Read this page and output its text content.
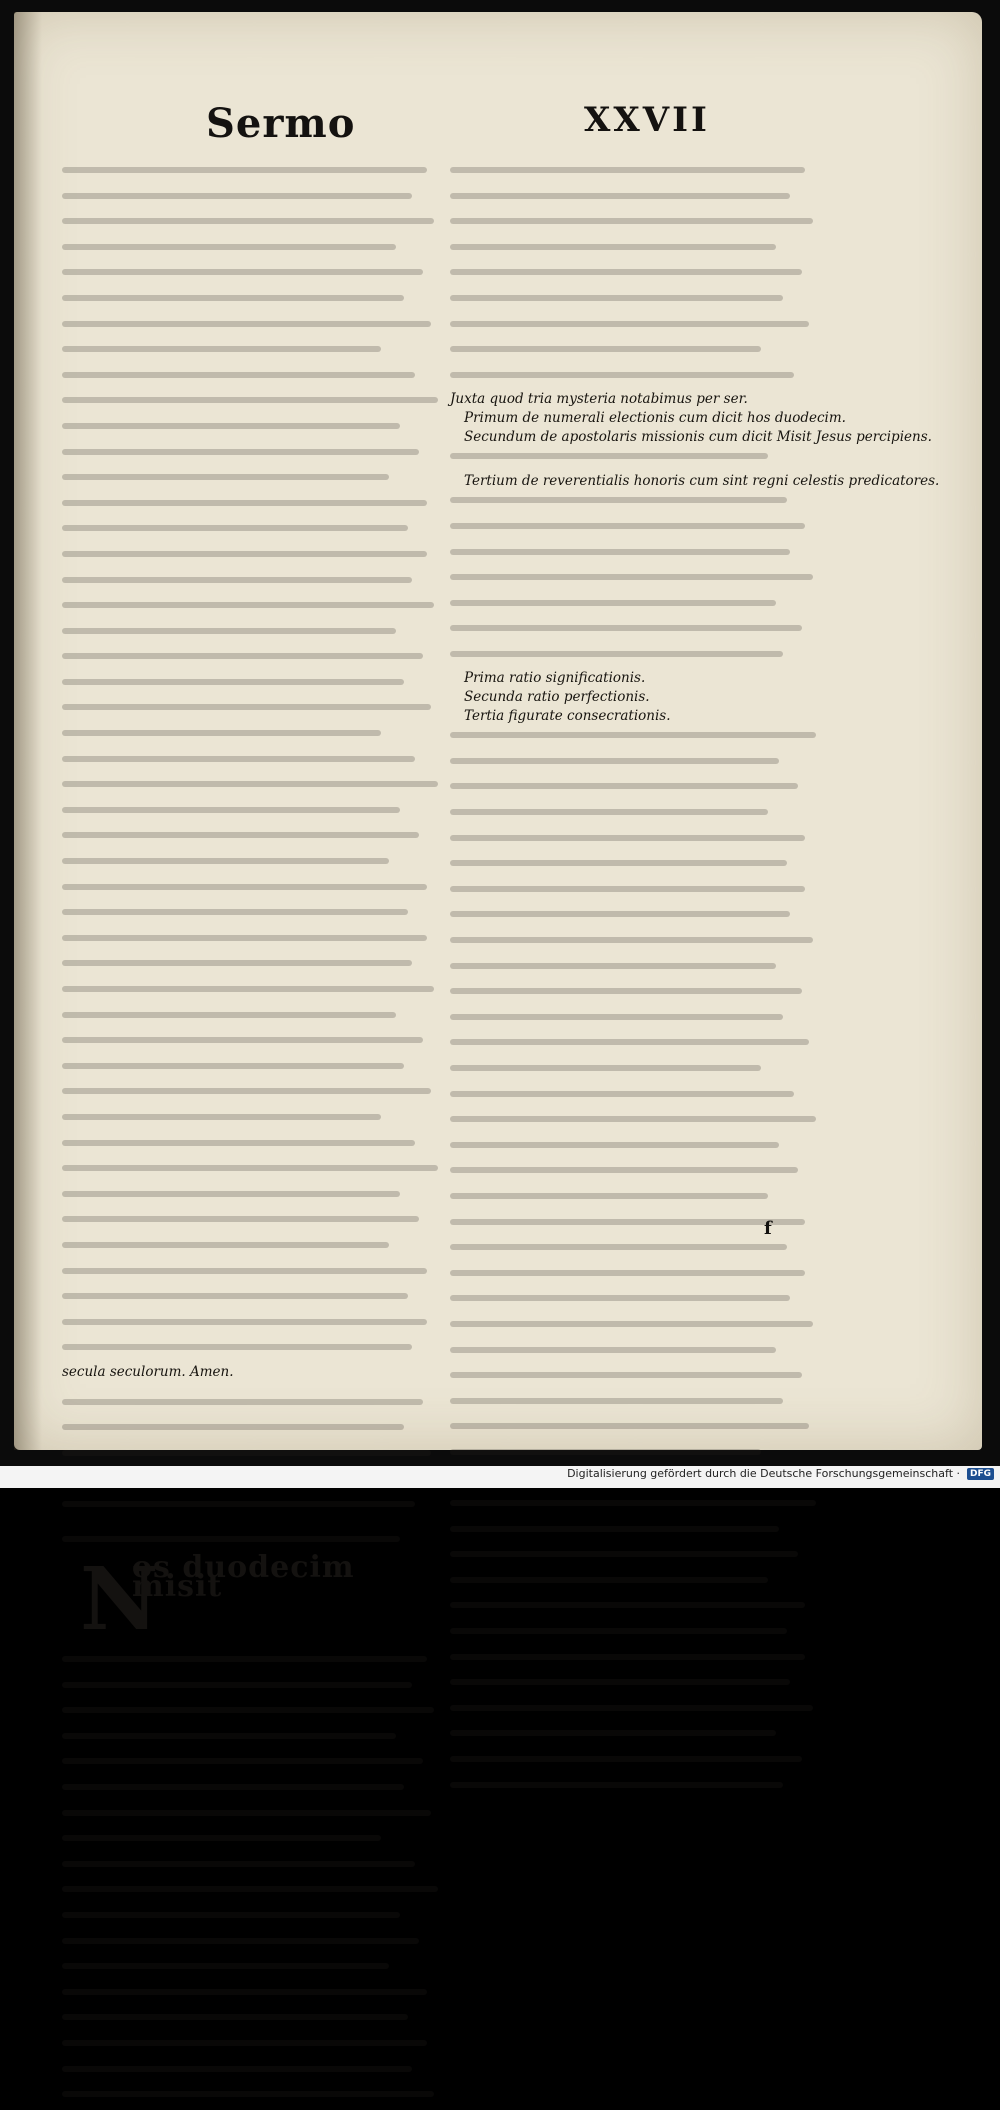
Sermo	XXVII
secula seculorum. Amen.
N
os duodecim misit
Juxta quod tria mysteria notabimus per ser.
Primum de numerali electionis cum dicit hos duodecim.
Secundum de apostolaris missionis cum dicit Misit Jesus percipiens.
Tertium de reverentialis honoris cum sint regni celestis predicatores.
Prima ratio significationis.
Secunda ratio perfectionis.
Tertia figurate consecrationis.
f
Digitalisierung gefördert durch die Deutsche Forschungsgemeinschaft ·	DFG
